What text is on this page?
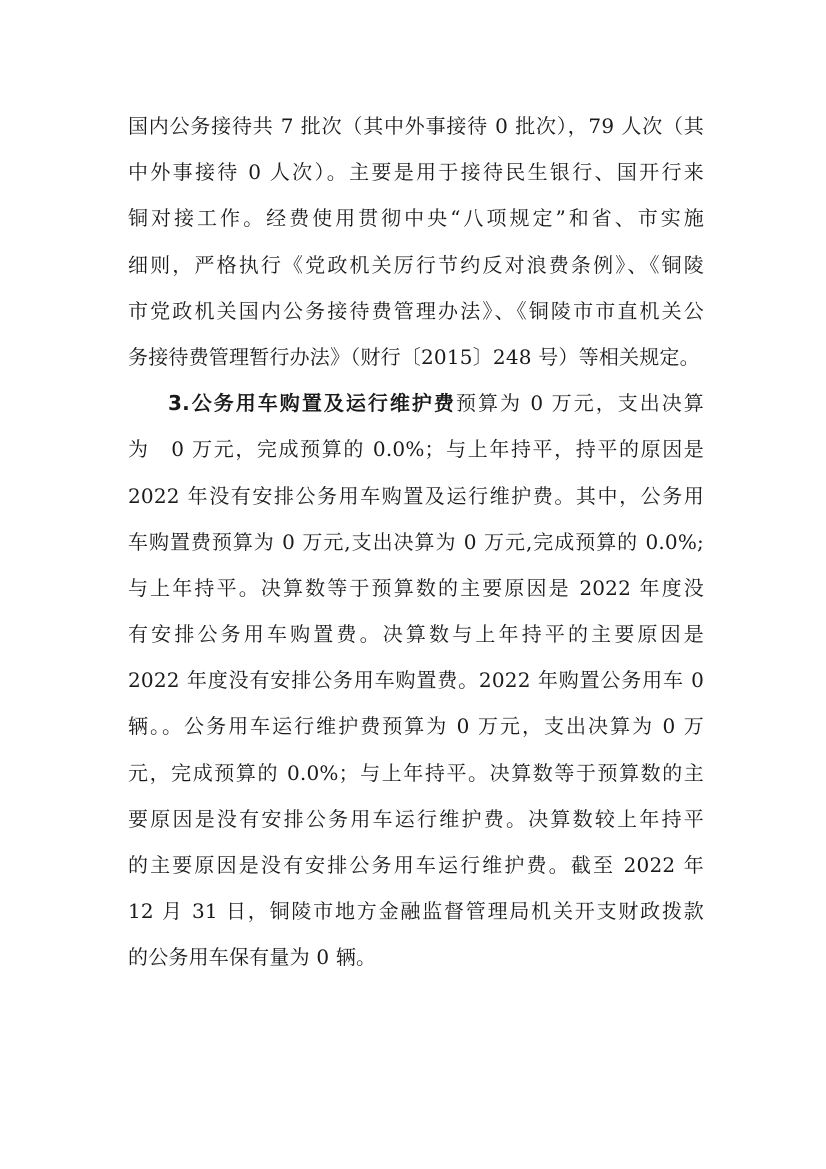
国内公务接待共 7 批次（其中外事接待 0 批次），79 人次（其
中外事接待 0 人次）。主要是用于接待民生银行、国开行来
铜对接工作。经费使用贯彻中央“八项规定”和省、市实施
细则，严格执行《党政机关厉行节约反对浪费条例》、《铜陵
市党政机关国内公务接待费管理办法》、《铜陵市市直机关公
务接待费管理暂行办法》（财行〔2015〕248 号）等相关规定。
3.公务用车购置及运行维护费预算为 0 万元，支出决算
为　0 万元，完成预算的 0.0%；与上年持平，持平的原因是
2022 年没有安排公务用车购置及运行维护费。其中，公务用
车购置费预算为 0 万元,支出决算为 0 万元,完成预算的 0.0%;
与上年持平。决算数等于预算数的主要原因是 2022 年度没
有安排公务用车购置费。决算数与上年持平的主要原因是
2022 年度没有安排公务用车购置费。2022 年购置公务用车 0
辆。。公务用车运行维护费预算为 0 万元，支出决算为 0 万
元，完成预算的 0.0%；与上年持平。决算数等于预算数的主
要原因是没有安排公务用车运行维护费。决算数较上年持平
的主要原因是没有安排公务用车运行维护费。截至 2022 年
12 月 31 日，铜陵市地方金融监督管理局机关开支财政拨款
的公务用车保有量为 0 辆。
